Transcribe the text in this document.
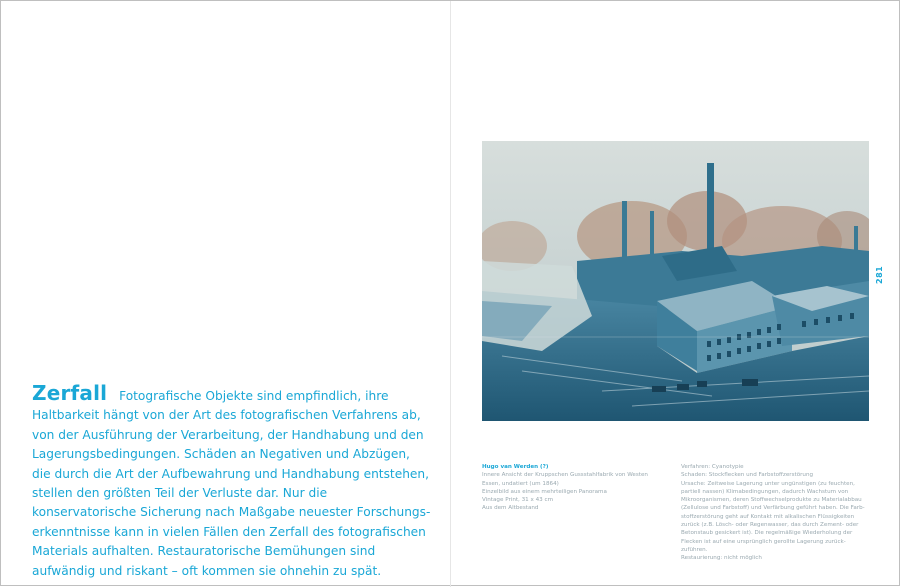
Zerfall Fotografische Objekte sind empfindlich, ihre Haltbarkeit hängt von der Art des fotografischen Verfahrens ab, von der Ausführung der Verarbeitung, der Handhabung und den Lagerungsbedingungen. Schäden an Negativen und Abzügen, die durch die Art der Aufbewahrung und Handhabung entstehen, stellen den größten Teil der Verluste dar. Nur die konservatorische Sicherung nach Maßgabe neuester Forschungserkenntnisse kann in vielen Fällen den Zerfall des fotografischen Materials aufhalten. Restauratorische Bemühungen sind aufwändig und riskant – oft kommen sie ohnehin zu spät.
281
Hugo van Werden (?)
Innere Ansicht der Kruppschen Gussstahlfabrik von Westen
Essen, undatiert (um 1864)
Einzelbild aus einem mehrteiligen Panorama
Vintage Print, 31 x 43 cm
Aus dem Altbestand
Verfahren: Cyanotypie
Schaden: Stockflecken und Farbstoffzerstörung
Ursache: Zeitweise Lagerung unter ungünstigen (zu feuchten,
partiell nassen) Klimabedingungen, dadurch Wachstum von
Mikroorganismen, deren Stoffwechselprodukte zu Materialabbau
(Zellulose und Farbstoff) und Verfärbung geführt haben. Die Farb-
stoffzerstörung geht auf Kontakt mit alkalischen Flüssigkeiten
zurück (z.B. Lösch- oder Regenwasser, das durch Zement- oder
Betonstaub gesickert ist). Die regelmäßige Wiederholung der
Flecken ist auf eine ursprünglich gerollte Lagerung zurück-
zuführen.
Restaurierung: nicht möglich
